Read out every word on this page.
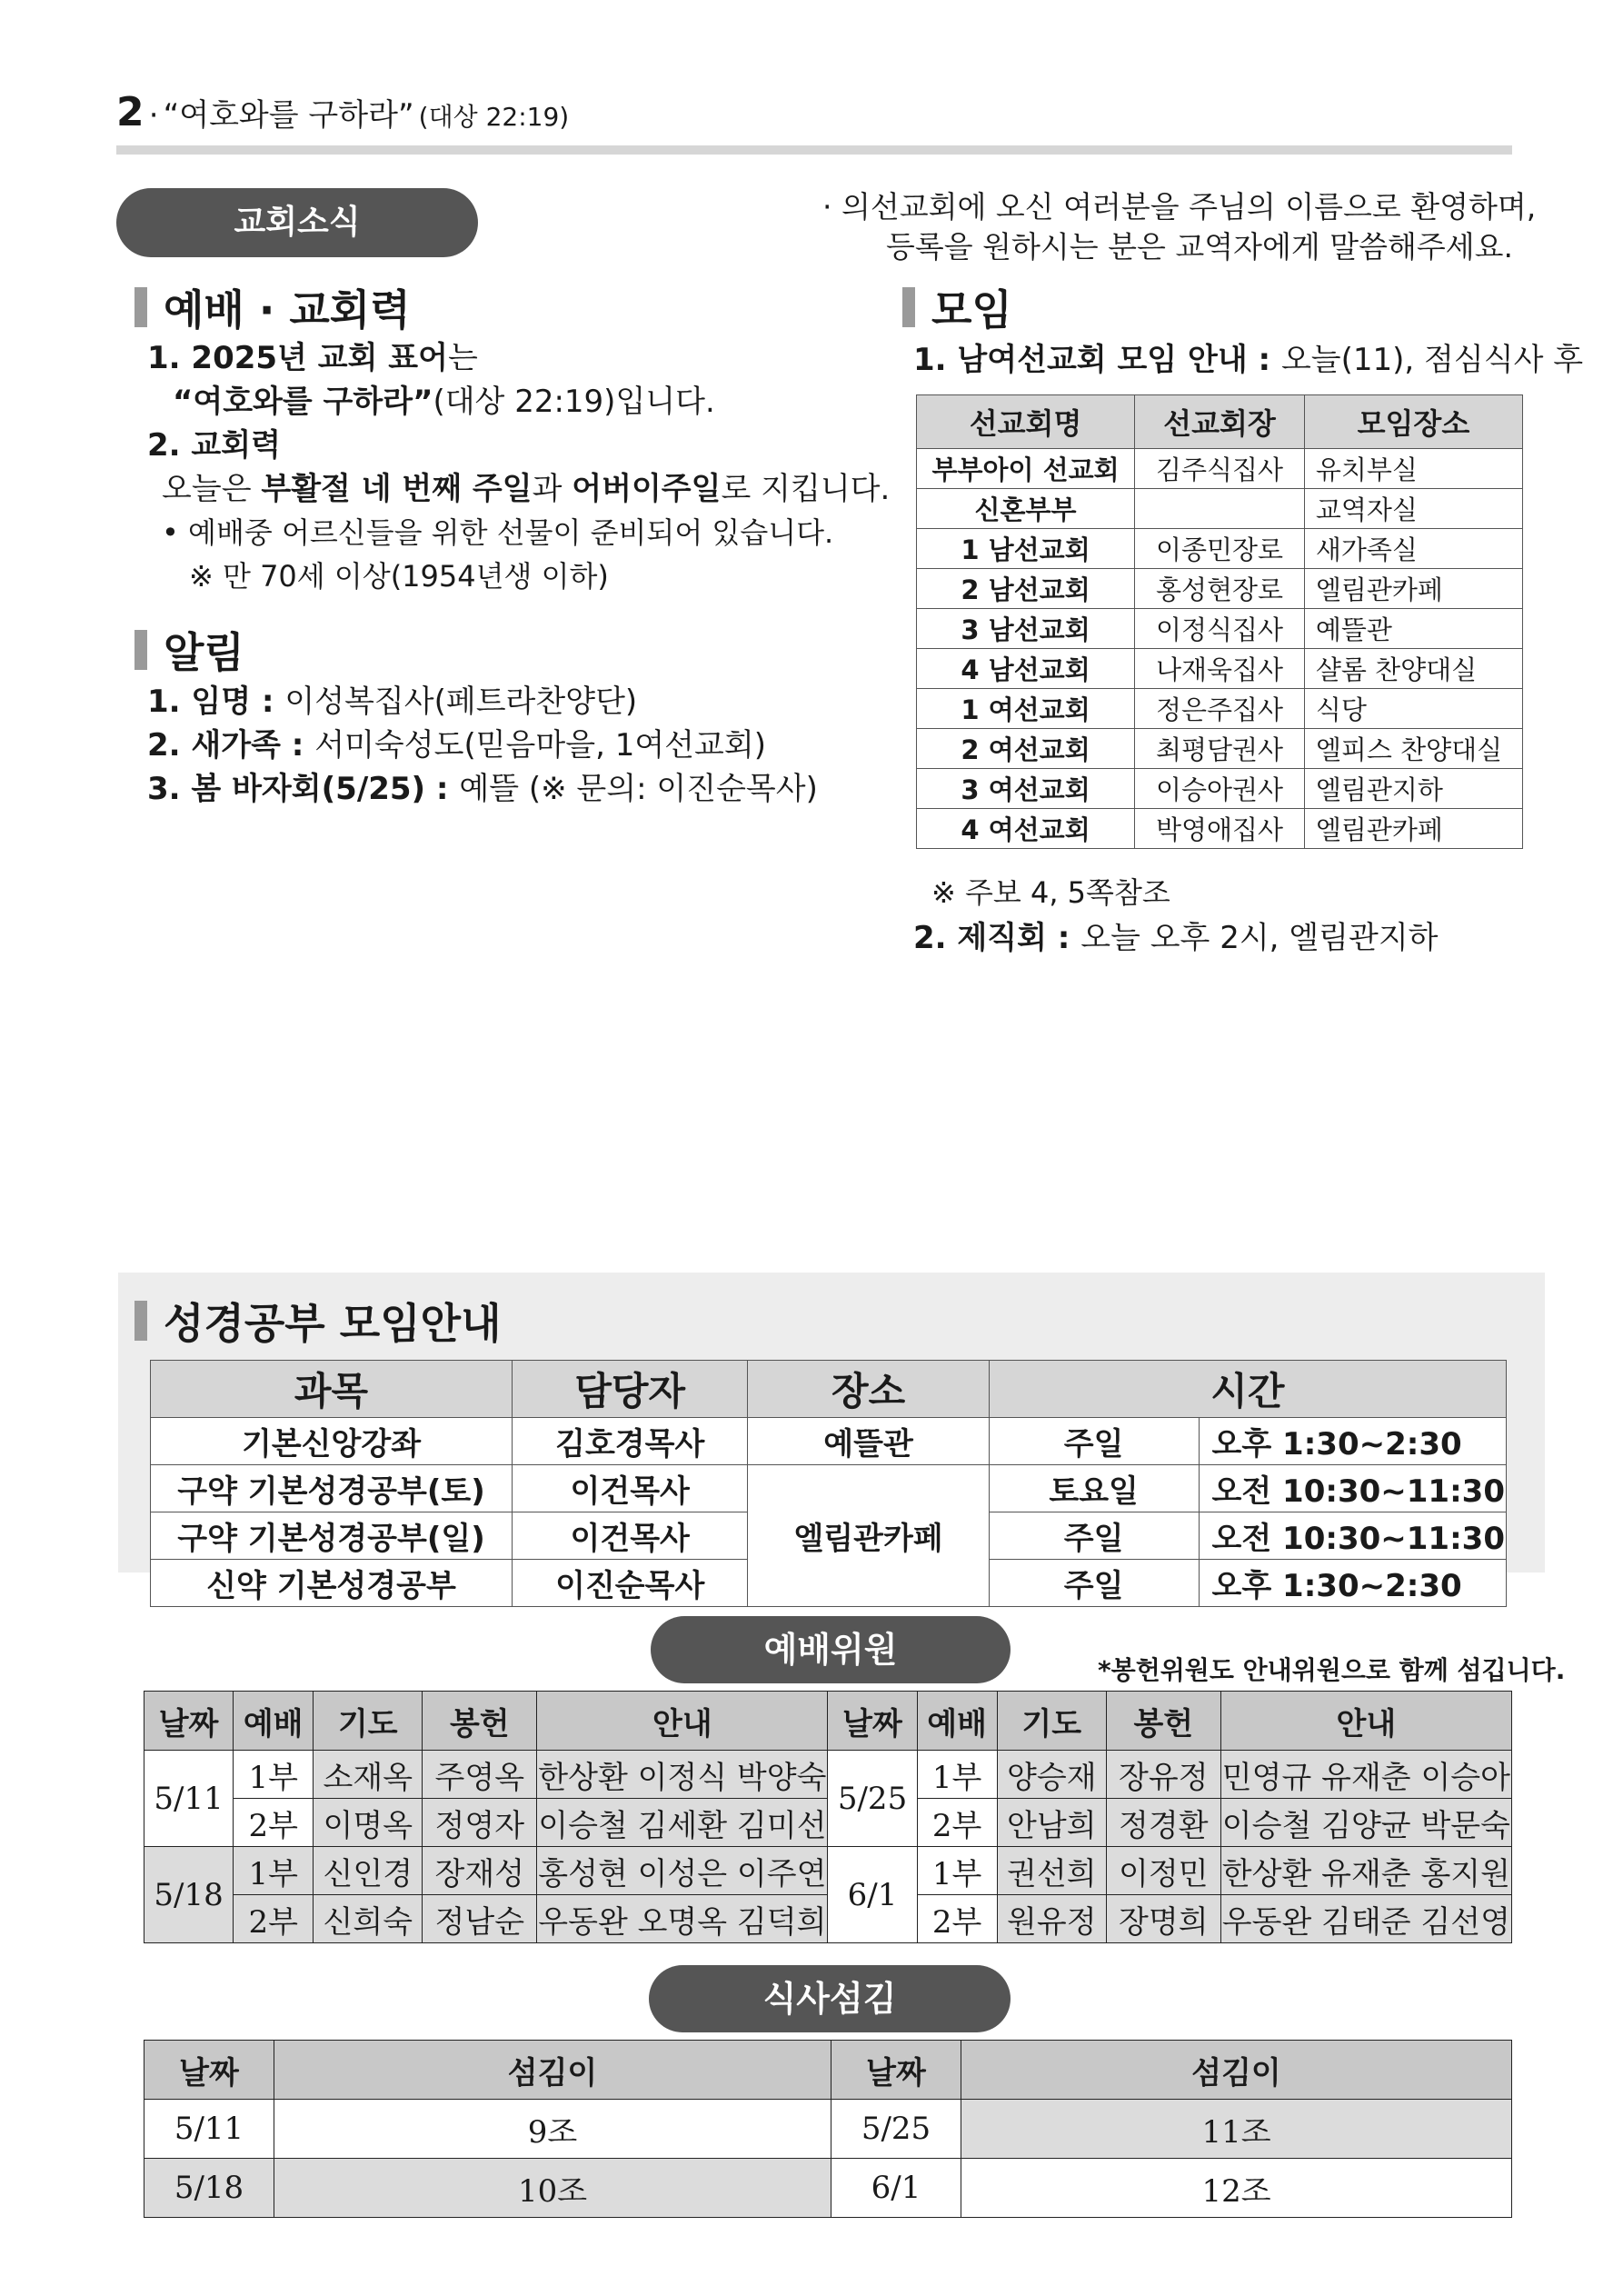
2 · “여호와를 구하라” (대상 22:19)
교회소식	· 의선교회에 오신 여러분을 주님의 이름으로 환영하며,
등록을 원하시는 분은 교역자에게 말씀해주세요.
예배 · 교회력
1. 2025년 교회 표어는
“여호와를 구하라”(대상 22:19)입니다.
2. 교회력
오늘은 부활절 네 번째 주일과 어버이주일로 지킵니다.
• 예배중 어르신들을 위한 선물이 준비되어 있습니다.
※ 만 70세 이상(1954년생 이하)
알림
1. 임명 : 이성복집사(페트라찬양단)
2. 새가족 : 서미숙성도(믿음마을, 1여선교회)
3. 봄 바자회(5/25) : 예뜰 (※ 문의: 이진순목사)
모임
1. 남여선교회 모임 안내 : 오늘(11), 점심식사 후
선교회명	선교회장	모임장소
부부아이 선교회	김주식집사	유치부실
신혼부부		교역자실
1 남선교회	이종민장로	새가족실
2 남선교회	홍성현장로	엘림관카페
3 남선교회	이정식집사	예뜰관
4 남선교회	나재욱집사	샬롬 찬양대실
1 여선교회	정은주집사	식당
2 여선교회	최평담권사	엘피스 찬양대실
3 여선교회	이승아권사	엘림관지하
4 여선교회	박영애집사	엘림관카페
※ 주보 4, 5쪽참조
2. 제직회 : 오늘 오후 2시, 엘림관지하
성경공부 모임안내
과목	담당자	장소	시간	
기본신앙강좌	김호경목사	예뜰관	주일	오후 1:30~2:30
구약 기본성경공부(토)	이건목사	엘림관카페	토요일	오전 10:30~11:30
구약 기본성경공부(일)	이건목사		주일	오전 10:30~11:30
신약 기본성경공부	이진순목사		주일	오후 1:30~2:30
예배위원
*봉헌위원도 안내위원으로 함께 섬깁니다.
날짜	예배	기도	봉헌	안내	날짜	예배	기도	봉헌	안내
5/11	1부	소재옥	주영옥	한상환 이정식 박양숙	5/25	1부	양승재	장유정	민영규 유재춘 이승아
	2부	이명옥	정영자	이승철 김세환 김미선		2부	안남희	정경환	이승철 김양균 박문숙
5/18	1부	신인경	장재성	홍성현 이성은 이주연	6/1	1부	권선희	이정민	한상환 유재춘 홍지원
	2부	신희숙	정남순	우동완 오명옥 김덕희		2부	원유정	장명희	우동완 김태준 김선영
식사섬김
날짜	섬김이	날짜	섬김이
5/11	9조	5/25	11조
5/18	10조	6/1	12조
